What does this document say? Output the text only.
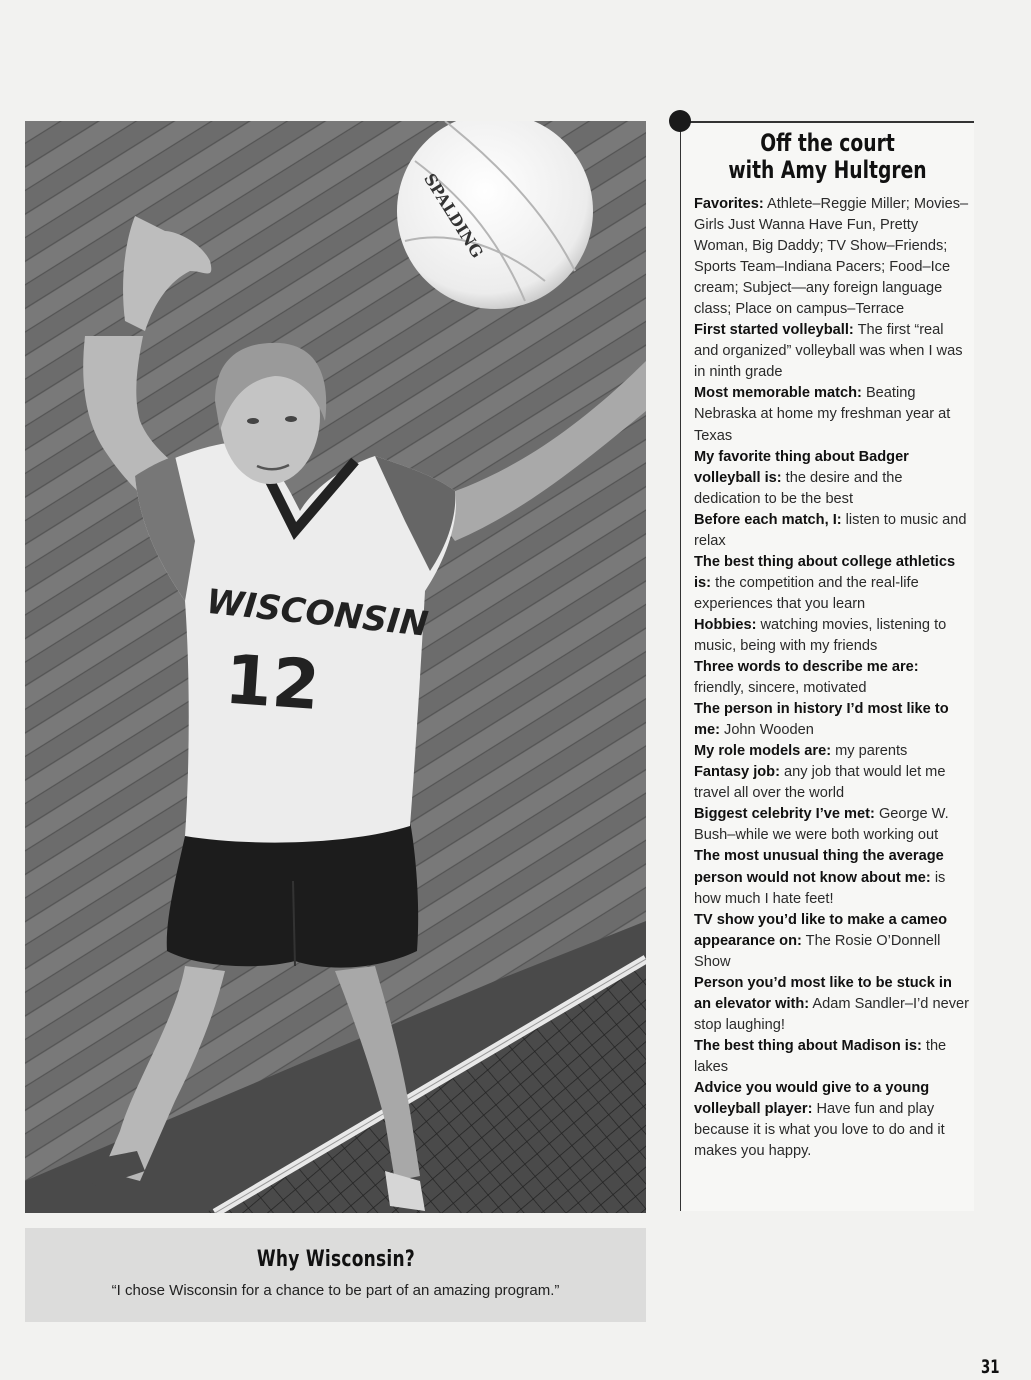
WISCONSIN
12
SPALDING
Why Wisconsin?
“I chose Wisconsin for a chance to be part of an amazing program.”
Off the court
with Amy Hultgren
Favorites: Athlete–Reggie Miller; Movies–Girls Just Wanna Have Fun, Pretty Woman, Big Daddy; TV Show–Friends; Sports Team–Indiana Pacers; Food–Ice cream; Subject—any foreign language class; Place on campus–Terrace
First started volleyball: The first “real and organized” volleyball was when I was in ninth grade
Most memorable match: Beating Nebraska at home my freshman year at Texas
My favorite thing about Badger volleyball is: the desire and the dedication to be the best
Before each match, I: listen to music and relax
The best thing about college athletics is: the competition and the real-life experiences that you learn
Hobbies: watching movies, listening to music, being with my friends
Three words to describe me are: friendly, sincere, motivated
The person in history I’d most like to me: John Wooden
My role models are: my parents
Fantasy job: any job that would let me travel all over the world
Biggest celebrity I’ve met: George W. Bush–while we were both working out
The most unusual thing the average person would not know about me: is how much I hate feet!
TV show you’d like to make a cameo appearance on: The Rosie O’Donnell Show
Person you’d most like to be stuck in an elevator with: Adam Sandler–I’d never stop laughing!
The best thing about Madison is: the lakes
Advice you would give to a young volleyball player: Have fun and play because it is what you love to do and it makes you happy.
31
